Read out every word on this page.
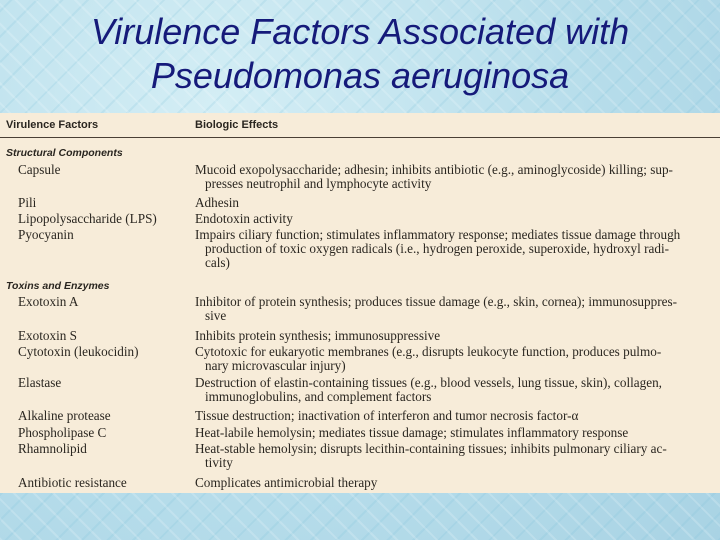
Virulence Factors Associated with
Pseudomonas aeruginosa
Virulence Factors	Biologic Effects
Structural Components
Capsule	Mucoid exopolysaccharide; adhesin; inhibits antibiotic (e.g., aminoglycoside) killing; sup-
presses neutrophil and lymphocyte activity
Pili	Adhesin
Lipopolysaccharide (LPS)	Endotoxin activity
Pyocyanin	Impairs ciliary function; stimulates inflammatory response; mediates tissue damage through
production of toxic oxygen radicals (i.e., hydrogen peroxide, superoxide, hydroxyl radi-
cals)
Toxins and Enzymes
Exotoxin A	Inhibitor of protein synthesis; produces tissue damage (e.g., skin, cornea); immunosuppres-
sive
Exotoxin S	Inhibits protein synthesis; immunosuppressive
Cytotoxin (leukocidin)	Cytotoxic for eukaryotic membranes (e.g., disrupts leukocyte function, produces pulmo-
nary microvascular injury)
Elastase	Destruction of elastin-containing tissues (e.g., blood vessels, lung tissue, skin), collagen,
immunoglobulins, and complement factors
Alkaline protease	Tissue destruction; inactivation of interferon and tumor necrosis factor-α
Phospholipase C	Heat-labile hemolysin; mediates tissue damage; stimulates inflammatory response
Rhamnolipid	Heat-stable hemolysin; disrupts lecithin-containing tissues; inhibits pulmonary ciliary ac-
tivity
Antibiotic resistance	Complicates antimicrobial therapy
